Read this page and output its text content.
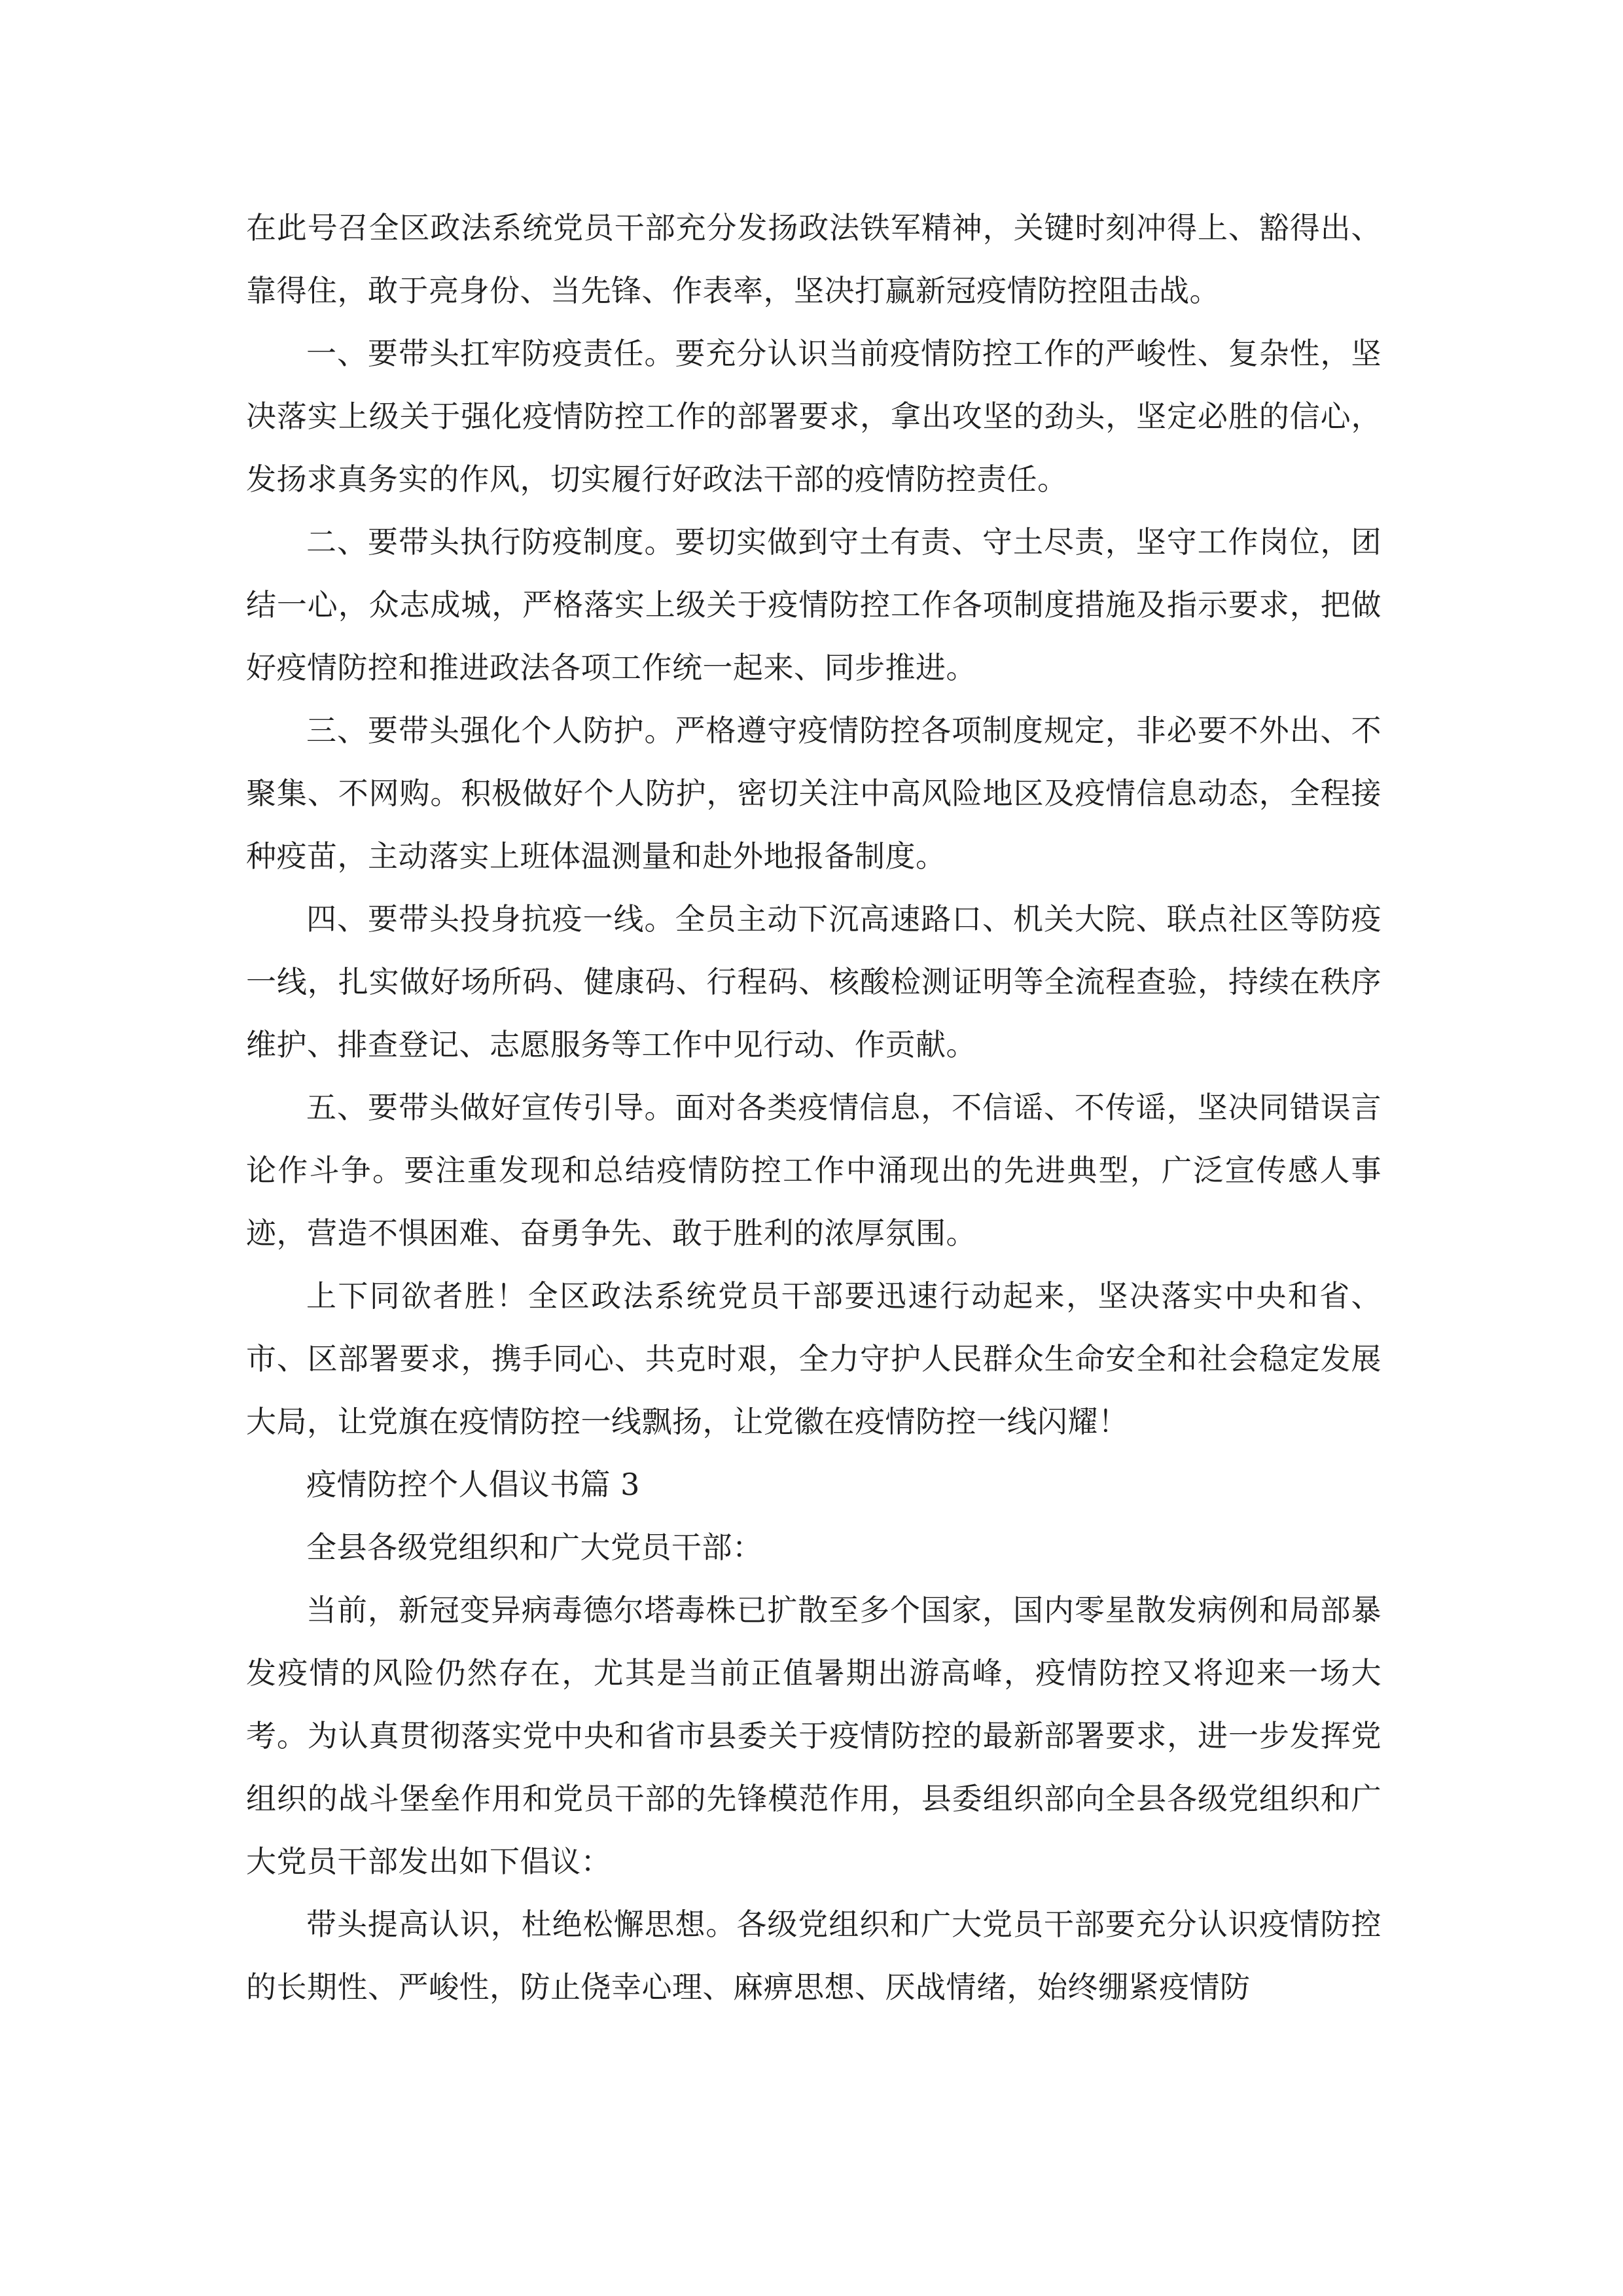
在此号召全区政法系统党员干部充分发扬政法铁军精神，关键时刻冲得上、豁得出、靠得住，敢于亮身份、当先锋、作表率，坚决打赢新冠疫情防控阻击战。

一、要带头扛牢防疫责任。要充分认识当前疫情防控工作的严峻性、复杂性，坚决落实上级关于强化疫情防控工作的部署要求，拿出攻坚的劲头，坚定必胜的信心，发扬求真务实的作风，切实履行好政法干部的疫情防控责任。

二、要带头执行防疫制度。要切实做到守土有责、守土尽责，坚守工作岗位，团结一心，众志成城，严格落实上级关于疫情防控工作各项制度措施及指示要求，把做好疫情防控和推进政法各项工作统一起来、同步推进。

三、要带头强化个人防护。严格遵守疫情防控各项制度规定，非必要不外出、不聚集、不网购。积极做好个人防护，密切关注中高风险地区及疫情信息动态，全程接种疫苗，主动落实上班体温测量和赴外地报备制度。

四、要带头投身抗疫一线。全员主动下沉高速路口、机关大院、联点社区等防疫一线，扎实做好场所码、健康码、行程码、核酸检测证明等全流程查验，持续在秩序维护、排查登记、志愿服务等工作中见行动、作贡献。

五、要带头做好宣传引导。面对各类疫情信息，不信谣、不传谣，坚决同错误言论作斗争。要注重发现和总结疫情防控工作中涌现出的先进典型，广泛宣传感人事迹，营造不惧困难、奋勇争先、敢于胜利的浓厚氛围。

上下同欲者胜！全区政法系统党员干部要迅速行动起来，坚决落实中央和省、市、区部署要求，携手同心、共克时艰，全力守护人民群众生命安全和社会稳定发展大局，让党旗在疫情防控一线飘扬，让党徽在疫情防控一线闪耀！

疫情防控个人倡议书篇 3

全县各级党组织和广大党员干部：

当前，新冠变异病毒德尔塔毒株已扩散至多个国家，国内零星散发病例和局部暴发疫情的风险仍然存在，尤其是当前正值暑期出游高峰，疫情防控又将迎来一场大考。为认真贯彻落实党中央和省市县委关于疫情防控的最新部署要求，进一步发挥党组织的战斗堡垒作用和党员干部的先锋模范作用，县委组织部向全县各级党组织和广大党员干部发出如下倡议：

带头提高认识，杜绝松懈思想。各级党组织和广大党员干部要充分认识疫情防控的长期性、严峻性，防止侥幸心理、麻痹思想、厌战情绪，始终绷紧疫情防
